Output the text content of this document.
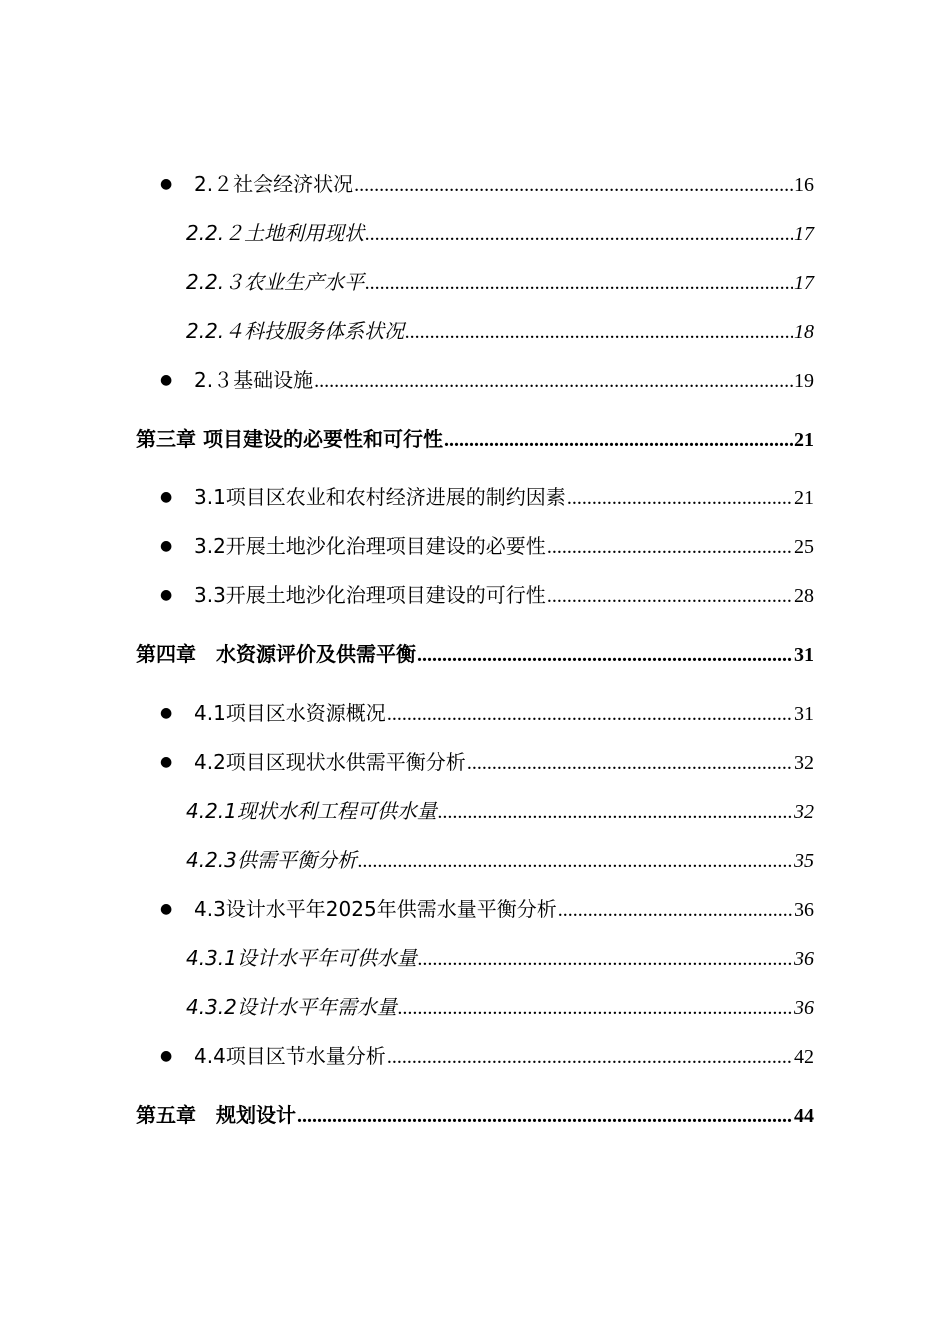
●	2.２社会经济状况 .....	16
2.2.２土地利用现状 .....	17
2.2.３农业生产水平 .....	17
2.2.４科技服务体系状况 .....	18
●	2.３基础设施 .....	19
第三章 项目建设的必要性和可行性 .....	21
●	3.1项目区农业和农村经济进展的制约因素 .....	21
●	3.2开展土地沙化治理项目建设的必要性 .....	25
●	3.3开展土地沙化治理项目建设的可行性 .....	28
第四章　水资源评价及供需平衡 .....	31
●	4.1项目区水资源概况 .....	31
●	4.2项目区现状水供需平衡分析 .....	32
4.2.1现状水利工程可供水量 .....	32
4.2.3供需平衡分析 .....	35
●	4.3设计水平年2025年供需水量平衡分析 .....	36
4.3.1设计水平年可供水量 .....	36
4.3.2设计水平年需水量 .....	36
●	4.4项目区节水量分析 .....	42
第五章　规划设计 .....	44
